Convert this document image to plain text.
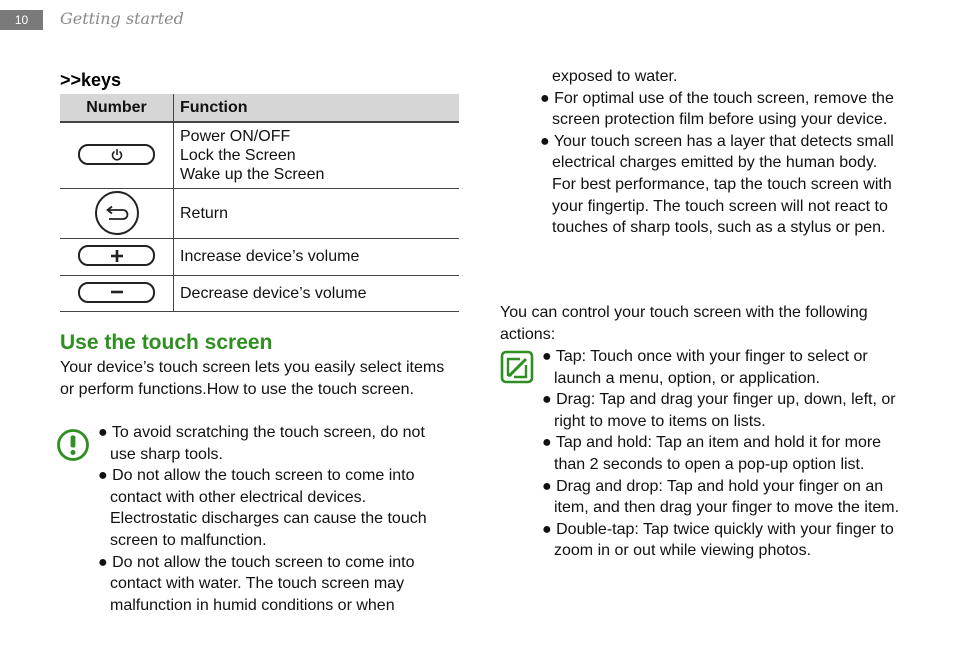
10	Getting started
>>keys
Number	Function

Power ON/OFF
Lock the Screen
Wake up the Screen

Return

Increase device’s volume

Decrease device’s volume
Use the touch screen
Your device’s touch screen lets you easily select items or perform functions.How to use the touch screen.
● To avoid scratching the touch screen, do not use sharp tools.
● Do not allow the touch screen to come into contact with other electrical devices. Electrostatic discharges can cause the touch screen to malfunction.
● Do not allow the touch screen to come into contact with water. The touch screen may malfunction in humid conditions or when
exposed to water.
● For optimal use of the touch screen, remove the screen protection film before using your device.
● Your touch screen has a layer that detects small electrical charges emitted by the human body. For best performance, tap the touch screen with your fingertip. The touch screen will not react to touches of sharp tools, such as a stylus or pen.
You can control your touch screen with the following actions:
● Tap: Touch once with your finger to select or launch a menu, option, or application.
● Drag: Tap and drag your finger up, down, left, or right to move to items on lists.
● Tap and hold: Tap an item and hold it for more than 2 seconds to open a pop-up option list.
● Drag and drop: Tap and hold your finger on an item, and then drag your finger to move the item.
● Double-tap: Tap twice quickly with your finger to zoom in or out while viewing photos.
